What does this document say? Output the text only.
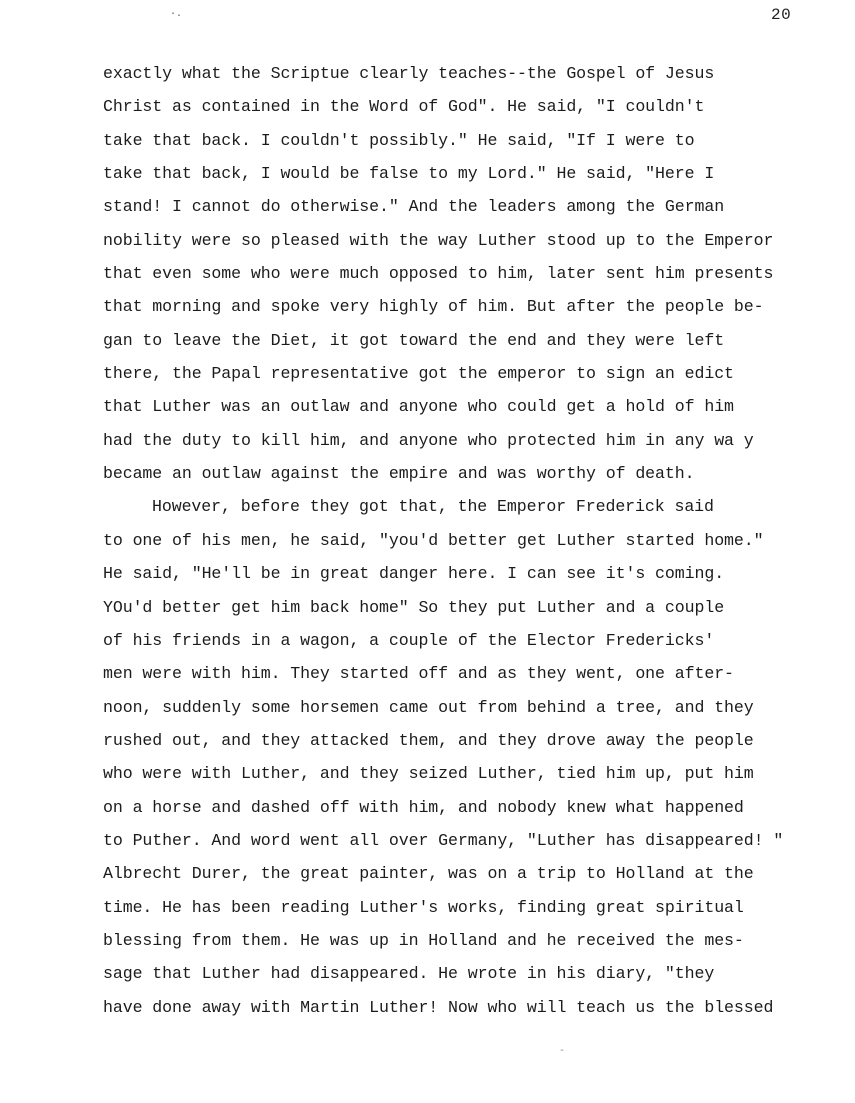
·.	20
exactly what the Scriptue clearly teaches--the Gospel of Jesus
Christ as contained in the Word of God". He said, "I couldn't
take that back. I couldn't possibly." He said, "If I were to
take that back, I would be false to my Lord." He said, "Here I
stand! I cannot do otherwise." And the leaders among the German
nobility were so pleased with the way Luther stood up to the Emperor
that even some who were much opposed to him, later sent him presents
that morning and spoke very highly of him. But after the people be-
gan to leave the Diet, it got toward the end and they were left
there, the Papal representative got the emperor to sign an edict
that Luther was an outlaw and anyone who could get a hold of him
had the duty to kill him, and anyone who protected him in any wa y
became an outlaw against the empire and was worthy of death.
However, before they got that, the Emperor Frederick said
to one of his men, he said, "you'd better get Luther started home."
He said, "He'll be in great danger here. I can see it's coming.
YOu'd better get him back home" So they put Luther and a couple
of his friends in a wagon, a couple of the Elector Fredericks'
men were with him. They started off and as they went, one after-
noon, suddenly some horsemen came out from behind a tree, and they
rushed out, and they attacked them, and they drove away the people
who were with Luther, and they seized Luther, tied him up, put him
on a horse and dashed off with him, and nobody knew what happened
to Puther. And word went all over Germany, "Luther has disappeared! "
Albrecht Durer, the great painter, was on a trip to Holland at the
time. He has been reading Luther's works, finding great spiritual
blessing from them. He was up in Holland and he received the mes-
sage that Luther had disappeared. He wrote in his diary, "they
have done away with Martin Luther! Now who will teach us the blessed
-
